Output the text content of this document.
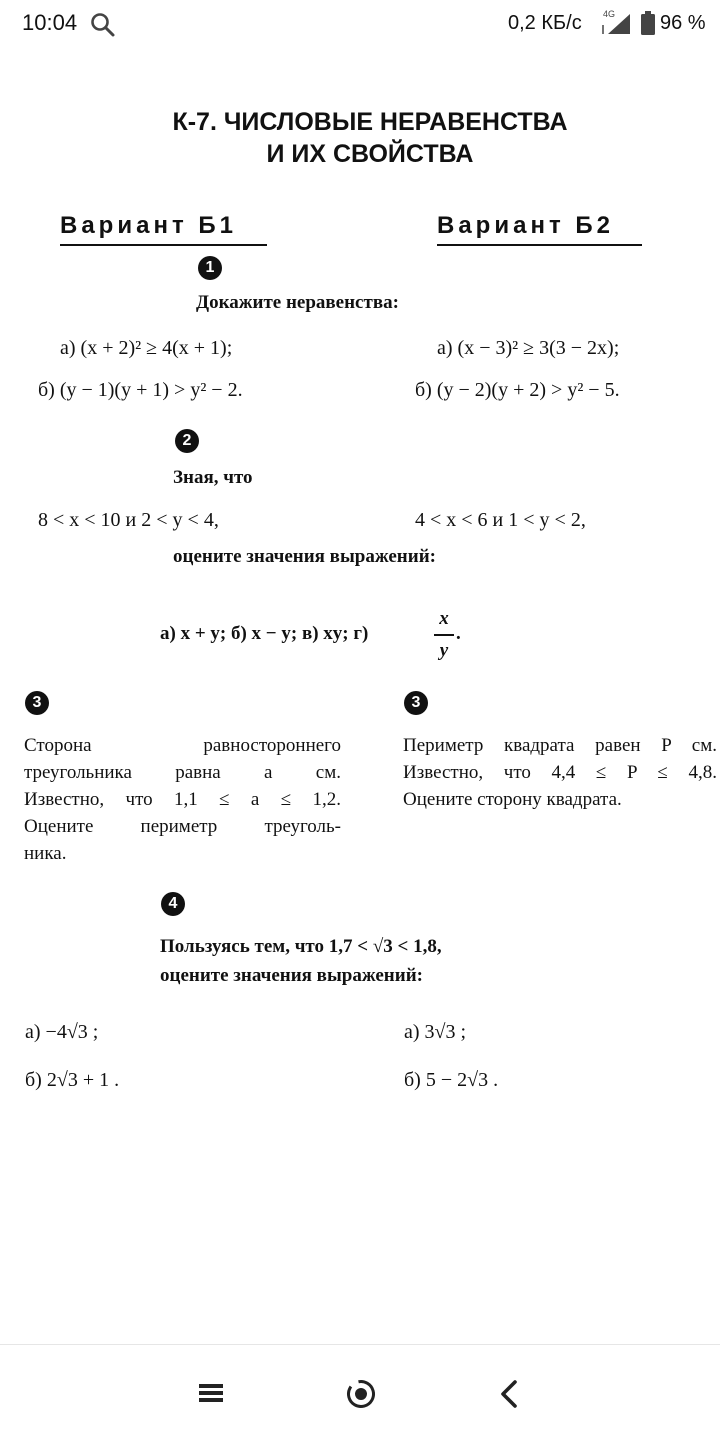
10:04	0,2 КБ/с 4G 96 %
К-7. ЧИСЛОВЫЕ НЕРАВЕНСТВА
И ИХ СВОЙСТВА
Вариант Б1	Вариант Б2
1
Докажите неравенства:
а) (x + 2)² ≥ 4(x + 1);	а) (x − 3)² ≥ 3(3 − 2x);
б) (y − 1)(y + 1) > y² − 2.	б) (y − 2)(y + 2) > y² − 5.
2
Зная, что
8 < x < 10 и 2 < y < 4,	4 < x < 6 и 1 < y < 2,
оцените значения выражений:
а) x + y; б) x − y; в) xy; г)
x
y
.
3	3
Сторона равностороннего
треугольника равна a см.
Известно, что 1,1 ≤ a ≤ 1,2.
Оцените периметр треуголь-
ника.
Периметр квадрата равен P см.
Известно, что 4,4 ≤ P ≤ 4,8.
Оцените сторону квадрата.
4
Пользуясь тем, что 1,7 < √3 < 1,8,
оцените значения выражений:
а) −4√3 ;	а) 3√3 ;
б) 2√3 + 1 .	б) 5 − 2√3 .
